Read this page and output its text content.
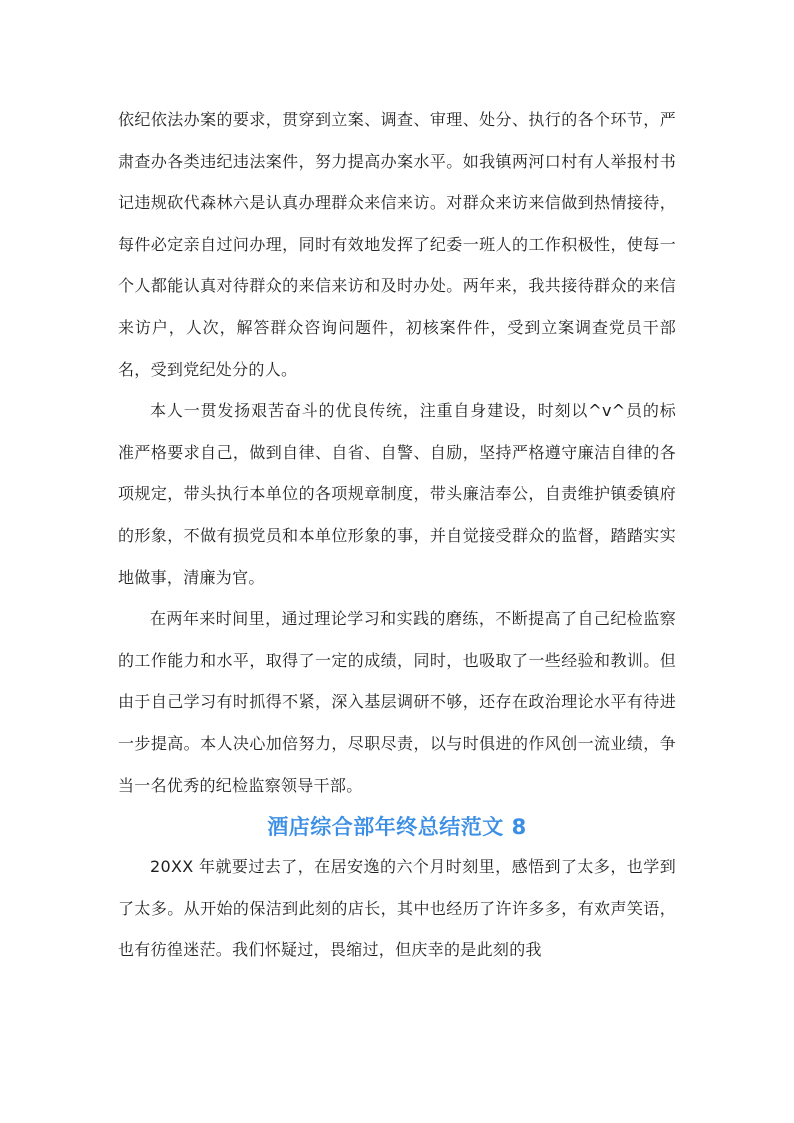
依纪依法办案的要求，贯穿到立案、调查、审理、处分、执行的各个环节，严肃查办各类违纪违法案件，努力提高办案水平。如我镇两河口村有人举报村书记违规砍代森林六是认真办理群众来信来访。对群众来访来信做到热情接待，每件必定亲自过问办理，同时有效地发挥了纪委一班人的工作积极性，使每一个人都能认真对待群众的来信来访和及时办处。两年来，我共接待群众的来信来访户，人次，解答群众咨询问题件，初核案件件，受到立案调查党员干部名，受到党纪处分的人。

本人一贯发扬艰苦奋斗的优良传统，注重自身建设，时刻以^v^员的标准严格要求自己，做到自律、自省、自警、自励，坚持严格遵守廉洁自律的各项规定，带头执行本单位的各项规章制度，带头廉洁奉公，自责维护镇委镇府的形象，不做有损党员和本单位形象的事，并自觉接受群众的监督，踏踏实实地做事，清廉为官。

在两年来时间里，通过理论学习和实践的磨练，不断提高了自己纪检监察的工作能力和水平，取得了一定的成绩，同时，也吸取了一些经验和教训。但由于自己学习有时抓得不紧，深入基层调研不够，还存在政治理论水平有待进一步提高。本人决心加倍努力，尽职尽责，以与时俱进的作风创一流业绩，争当一名优秀的纪检监察领导干部。

酒店综合部年终总结范文 8

20XX 年就要过去了，在居安逸的六个月时刻里，感悟到了太多，也学到了太多。从开始的保洁到此刻的店长，其中也经历了许许多多，有欢声笑语，也有彷徨迷茫。我们怀疑过，畏缩过，但庆幸的是此刻的我
